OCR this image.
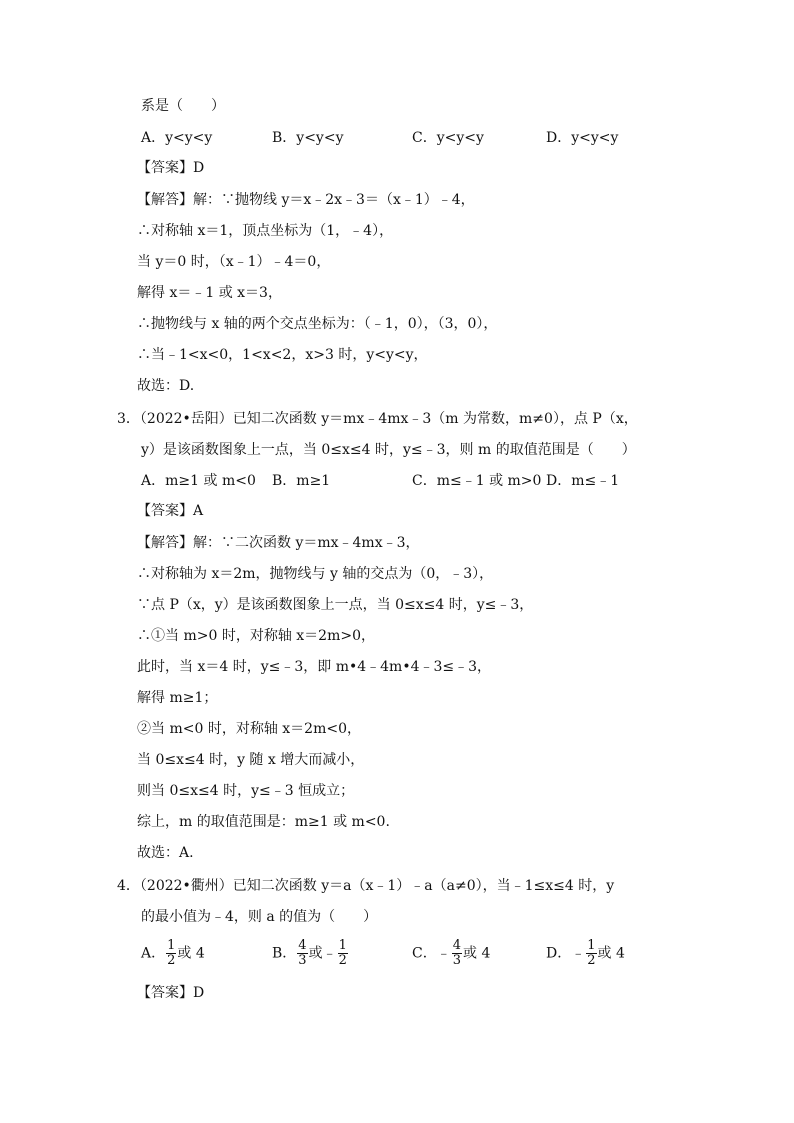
系是（　　）
A．y<y<y	B．y<y<y	C．y<y<y	D．y<y<y
【答案】D
【解答】解：∵抛物线 y＝x﹣2x﹣3＝（x﹣1）﹣4，
∴对称轴 x＝1，顶点坐标为（1，﹣4），
当 y＝0 时，（x﹣1）﹣4＝0，
解得 x＝﹣1 或 x＝3，
∴抛物线与 x 轴的两个交点坐标为：（﹣1，0），（3，0），
∴当﹣1<x<0，1<x<2，x>3 时，y<y<y，
故选：D.
3．（2022•岳阳）已知二次函数 y＝mx﹣4mx﹣3（m 为常数，m≠0），点 P（x，
y）是该函数图象上一点，当 0≤x≤4 时，y≤﹣3，则 m 的取值范围是（　　）
A．m≥1 或 m<0 B．m≥1	C．m≤﹣1 或 m>0 D．m≤﹣1
【答案】A
【解答】解：∵二次函数 y＝mx﹣4mx﹣3，
∴对称轴为 x＝2m，抛物线与 y 轴的交点为（0，﹣3），
∵点 P（x，y）是该函数图象上一点，当 0≤x≤4 时，y≤﹣3，
∴①当 m>0 时，对称轴 x＝2m>0，
此时，当 x＝4 时，y≤﹣3，即 m•4﹣4m•4﹣3≤﹣3，
解得 m≥1；
②当 m<0 时，对称轴 x＝2m<0，
当 0≤x≤4 时，y 随 x 增大而减小，
则当 0≤x≤4 时，y≤﹣3 恒成立；
综上，m 的取值范围是：m≥1 或 m<0.
故选：A.
4．（2022•衢州）已知二次函数 y＝a（x﹣1）﹣a（a≠0），当﹣1≤x≤4 时，y
的最小值为﹣4，则 a 的值为（　　）
A． $\frac{1}{2}$ 或 4	B． $\frac{4}{3}$ 或﹣ $\frac{1}{2}$	C．﹣ $\frac{4}{3}$ 或 4	D．﹣ $\frac{1}{2}$ 或 4
【答案】D
